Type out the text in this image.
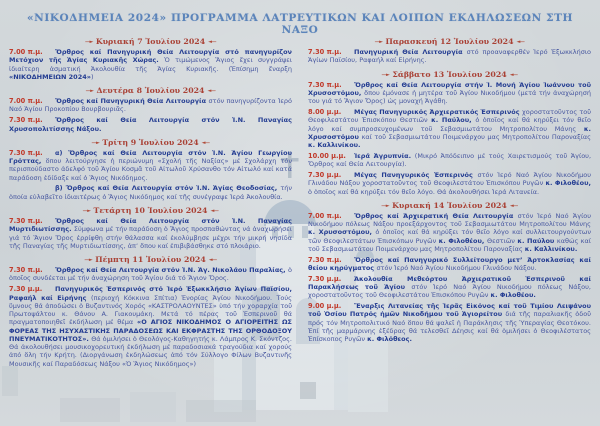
«ΝΙΚΟΔΗΜΕΙΑ 2024» ΠΡΟΓΡΑΜΜΑ ΛΑΤΡΕΥΤΙΚΩΝ ΚΑΙ ΛΟΙΠΩΝ ΕΚΔΗΛΩΣΕΩΝ ΣΤΗ ΝΑΞΟ
—► Κυριακή 7 Ἰουλίου 2024 ◄—

7.00 π.μ. Ὄρθρος καί Πανηγυρική Θεία Λειτουργία στό πανηγυρίζον Μετόχιον τῆς Ἁγίας Κυριακῆς Χώρας. Ὁ τιμώμενος Ἅγιος ἔχει συγγράψει ἰδιαίτερη ἀσματική Ἀκολουθία τῆς Ἁγίας Κυριακῆς. (Ἐπίσημη ἔναρξη «ΝΙΚΟΔΗΜΕΙΩΝ 2024»)

—► Δευτέρα 8 Ἰουλίου 2024 ◄—

7.00 π.μ. Ὄρθρος καί Πανηγυρική Θεία Λειτουργία στόν πανηγυρίζοντα Ἱερό Ναό Ἁγίου Προκοπίου Βουρβουριᾶς.

7.30 π.μ. Ὄρθρος καί Θεία Λειτουργία στόν Ἱ.Ν. Παναγίας Χρυσοπολιτίσσης Νάξου.

—► Τρίτη 9 Ἰουλίου 2024 ◄—

7.30 π.μ. α) Ὄρθρος καί Θεία Λειτουργία στόν Ἱ.Ν. Ἁγίου Γεωργίου Γρόττας, ὅπου λειτούργησε ἡ περιώνυμη «Σχολή τῆς Ναξίας» μέ Σχολάρχη τόν περισπούδαστο ἀδελφό τοῦ Ἁγίου Κοσμᾶ τοῦ Αἰτωλοῦ Χρύσανθο τόν Αἰτωλό καί κατά παράδοση ἐδίδαξε καί ὁ Ἅγιος Νικόδημος.

β) Ὄρθρος καί Θεία Λειτουργία στόν Ἱ.Ν. Ἁγίας Θεοδοσίας, τήν ὁποία εὐλαβεῖτο ἰδιαιτέρως ὁ Ἅγιος Νικόδημος καί τῆς συνέγραψε Ἱερά Ἀκολουθία.

—► Τετάρτη 10 Ἰουλίου 2024 ◄—

7.30 π.μ. Ὄρθρος καί Θεία Λειτουργία στόν Ἱ.Ν. Παναγίας Μυρτιδιωτίσσης. Σύμφωνα μέ τήν παράδοση ὁ Ἅγιος προσπαθώντας νά ἀναχωρήσει γιά τό Ἅγιον Ὄρος ἐρρίφθη στήν θάλασσα καί ἐκολύμβησε μέχρι τήν μικρή νησίδα τῆς Παναγίας τῆς Μυρτιδιωτίσσης, ἀπʼ ὅπου καί ἐπιβιβάσθηκε στό πλοιάριο.

—► Πέμπτη 11 Ἰουλίου 2024 ◄—

7.30 π.μ. Ὄρθρος καί Θεία Λειτουργία στόν Ἱ.Ν. Ἁγ. Νικολάου Παραλίας, ὁ ὁποῖος συνδέεται μέ τήν ἀναχώρηση τοῦ Ἁγίου διά τό Ἅγιον Ὄρος.

7.30 μ.μ. Πανηγυρικός Ἑσπερινός στό Ἱερό Ἐξωκκλήσιο Ἁγίων Παϊσίου, Ραφαήλ καί Εἰρήνης (περιοχή Κόκκινα Σπίτια) Ἐνορίας Ἁγίου Νικοδήμου. Τούς ὕμνους θά ἀποδώσει ὁ Βυζαντινός Χορός «ΚΑΣΤΡΟΛΑΟΥΝΤΕΣ» ὑπό τήν χοραρχία τοῦ Πρωτοψάλτου κ. Θάνου Α. Γιακουμάκη. Μετά τό πέρας τοῦ Ἑσπερινοῦ θά πραγματοποιηθεῖ ἐκδήλωση μέ θέμα «Ο ΑΓΙΟΣ ΝΙΚΟΔΗΜΟΣ Ο ΑΓΙΟΡΕΙΤΗΣ ΩΣ ΦΟΡΕΑΣ ΤΗΣ ΗΣΥΧΑΣΤΙΚΗΣ ΠΑΡΑΔΟΣΕΩΣ ΚΑΙ ΕΚΦΡΑΣΤΗΣ ΤΗΣ ΟΡΘΟΔΟΞΟΥ ΠΝΕΥΜΑΤΙΚΟΤΗΤΟΣ». Θά ὁμιλήσει ὁ Θεολόγος-Καθηγητής κ. Λάμπρος Κ. Σκόντζος. Θά ἀκολουθήσει μουσικοχορευτική ἐκδήλωση μέ παραδοσιακά τραγούδια καί χορούς ἀπό ὅλη τήν Κρήτη. (Διοργάνωση ἐκδηλώσεως ἀπό τόν Σύλλογο Φίλων Βυζαντινῆς Μουσικῆς καί Παραδόσεως Νάξου «Ὁ Ἅγιος Νικόδημος»)

—► Παρασκευή 12 Ἰουλίου 2024 ◄—

7.30 π.μ. Πανηγυρική Θεία Λειτουργία στό προαναφερθέν Ἱερό Ἐξωκκλήσιο Ἁγίων Παϊσίου, Ραφαήλ καί Εἰρήνης.

—► Σάββατο 13 Ἰουλίου 2024 ◄—

7.30 π.μ. Ὄρθρος καί Θεία Λειτουργία στήν Ἱ. Μονή Ἁγίου Ἰωάννου τοῦ Χρυσοστόμου, ὅπου ἐμόνασε ἡ μητέρα τοῦ Ἁγίου Νικοδήμου (μετά τήν ἀναχώρησή του γιά τό Ἅγιον Ὄρος) ὡς μοναχή Ἀγάθη.

8.00 μ.μ. Μέγας Πανηγυρικός Ἀρχιερατικός Ἑσπερινός χοροστατοῦντος τοῦ Θεοφιλεστάτου Ἐπισκόπου Θεστιῶν κ. Παύλου, ὁ ὁποῖος καί θά κηρύξει τόν θεῖο λόγο καί συμπροσευχομένων τοῦ Σεβασμιωτάτου Μητροπολίτου Μάνης κ. Χρυσοστόμου καί τοῦ Σεβασμιωτάτου Ποιμενάρχου μας Μητροπολίτου Παροναξίας κ. Καλλινίκου.

10.00 μ.μ. Ἱερά Ἀγρυπνία. (Μικρό Ἀπόδειπνο μέ τούς Χαιρετισμούς τοῦ Ἁγίου, Ὄρθρος καί Θεία Λειτουργία).

7.30 μ.μ. Μέγας Πανηγυρικός Ἑσπερινός στόν Ἱερό Ναό Ἁγίου Νικοδήμου Γλινάδου Νάξου χοροστατοῦντος τοῦ Θεοφιλεστάτου Ἐπισκόπου Ρυγῶν κ. Φιλοθέου, ὁ ὁποῖος καί θά κηρύξει τόν θεῖο λόγο. Θά ἀκολουθήσει Ἱερά Λιτανεία.

—► Κυριακή 14 Ἰουλίου 2024 ◄—

7.00 π.μ. Ὄρθρος καί Ἀρχιερατική Θεία Λειτουργία στόν Ἱερό Ναό Ἁγίου Νικοδήμου πόλεως Νάξου προεξάρχοντος τοῦ Σεβασμιωτάτου Μητροπολίτου Μάνης κ. Χρυσοστόμου, ὁ ὁποῖος καί θά κηρύξει τόν θεῖο λόγο καί συλλειτουργούντων τῶν Θεοφιλεστάτων Ἐπισκόπων Ρυγῶν κ. Φιλοθέου, Θεστιῶν κ. Παύλου καθώς καί τοῦ Σεβασμιωτάτου Ποιμενάρχου μας Μητροπολίτου Παροναξίας κ. Καλλινίκου.

7.30 π.μ. Ὄρθρος καί Πανηγυρικό Συλλείτουργο μετʼ Ἀρτοκλασίας καί θείου κηρύγματος στόν Ἱερό Ναό Ἁγίου Νικοδήμου Γλινάδου Νάξου.

7.30 μ.μ. Ἀκολουθία Μεθεόρτου Ἀρχιερατικοῦ Ἑσπερινοῦ καί Παρακλήσεως τοῦ Ἁγίου στόν Ἱερό Ναό Ἁγίου Νικοδήμου πόλεως Νάξου, χοροστατοῦντος τοῦ Θεοφιλεστάτου Ἐπισκόπου Ρυγῶν κ. Φιλοθέου.

9.00 μ.μ. Ἔναρξις Λιτανείας τῆς Ἱερᾶς Εἰκόνος καί τοῦ Τιμίου Λειψάνου τοῦ Ὁσίου Πατρός ἡμῶν Νικοδήμου τοῦ Ἁγιορείτου διά τῆς παραλιακῆς ὁδοῦ πρός τόν Μητροπολιτικό Ναό ὅπου θά ψαλεῖ ἡ Παράκλησις τῆς Ὑπεραγίας Θεοτόκου. Ἐπί τῆς μαρμάρινης ἐξέδρας θά τελεσθεῖ Δέησις καί θά ὁμιλήσει ὁ Θεοφιλέστατος Ἐπίσκοπος Ρυγῶν κ. Φιλόθεος.
